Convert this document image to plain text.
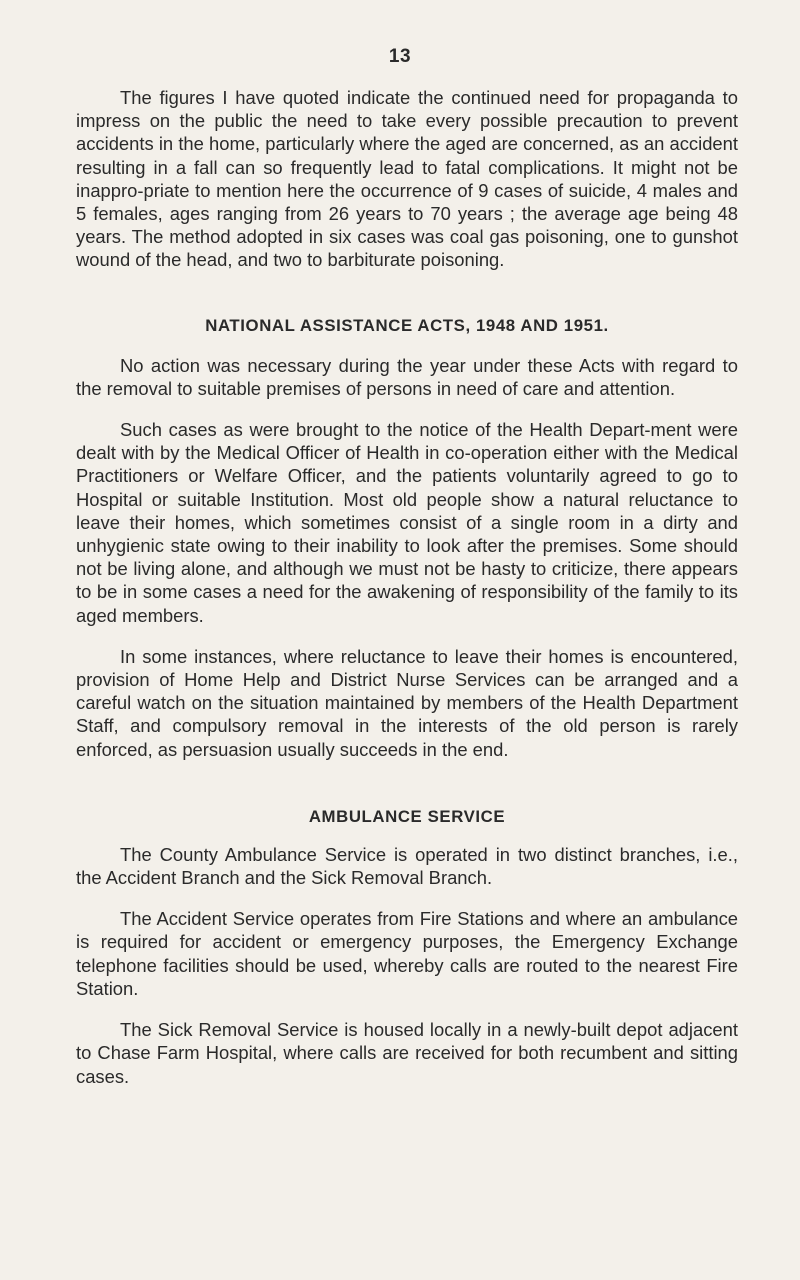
13

The figures I have quoted indicate the continued need for propaganda to impress on the public the need to take every possible precaution to prevent accidents in the home, particularly where the aged are concerned, as an accident resulting in a fall can so frequently lead to fatal complications. It might not be inappro-priate to mention here the occurrence of 9 cases of suicide, 4 males and 5 females, ages ranging from 26 years to 70 years ; the average age being 48 years. The method adopted in six cases was coal gas poisoning, one to gunshot wound of the head, and two to barbiturate poisoning.

NATIONAL ASSISTANCE ACTS, 1948 AND 1951.

No action was necessary during the year under these Acts with regard to the removal to suitable premises of persons in need of care and attention.

Such cases as were brought to the notice of the Health Depart-ment were dealt with by the Medical Officer of Health in co-operation either with the Medical Practitioners or Welfare Officer, and the patients voluntarily agreed to go to Hospital or suitable Institution. Most old people show a natural reluctance to leave their homes, which sometimes consist of a single room in a dirty and unhygienic state owing to their inability to look after the premises. Some should not be living alone, and although we must not be hasty to criticize, there appears to be in some cases a need for the awakening of responsibility of the family to its aged members.

In some instances, where reluctance to leave their homes is encountered, provision of Home Help and District Nurse Services can be arranged and a careful watch on the situation maintained by members of the Health Department Staff, and compulsory removal in the interests of the old person is rarely enforced, as persuasion usually succeeds in the end.

AMBULANCE SERVICE

The County Ambulance Service is operated in two distinct branches, i.e., the Accident Branch and the Sick Removal Branch.

The Accident Service operates from Fire Stations and where an ambulance is required for accident or emergency purposes, the Emergency Exchange telephone facilities should be used, whereby calls are routed to the nearest Fire Station.

The Sick Removal Service is housed locally in a newly-built depot adjacent to Chase Farm Hospital, where calls are received for both recumbent and sitting cases.
